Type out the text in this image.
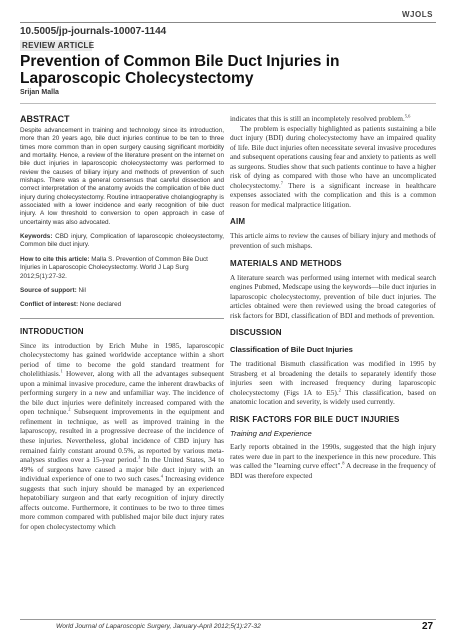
WJOLS
10.5005/jp-journals-10007-1144
REVIEW ARTICLE
Prevention of Common Bile Duct Injuries in Laparoscopic Cholecystectomy
Srijan Malla
ABSTRACT

Despite advancement in training and technology since its introduction, more than 20 years ago, bile duct injuries continue to be ten to three times more common than in open surgery causing significant morbidity and mortality. Hence, a review of the literature present on the internet on bile duct injuries in laparoscopic cholecystectomy was performed to review the causes of biliary injury and methods of prevention of such mishaps. There was a general consensus that careful dissection and correct interpretation of the anatomy avoids the complication of bile duct injury during cholecystectomy. Routine intraoperative cholangiography is associated with a lower incidence and early recognition of bile duct injury. A low threshold to conversion to open approach in case of uncertainty was also advocated.

Keywords: CBD injury, Complication of laparoscopic cholecystectomy, Common bile duct injury.

How to cite this article: Malla S. Prevention of Common Bile Duct Injuries in Laparoscopic Cholecystectomy. World J Lap Surg 2012;5(1):27-32.

Source of support: Nil

Conflict of interest: None declared

INTRODUCTION

Since its introduction by Erich Muhe in 1985, laparoscopic cholecystectomy has gained worldwide acceptance within a short period of time to become the gold standard treatment for cholelithiasis.$^1$ However, along with all the advantages subsequent upon a minimal invasive procedure, came the inherent drawbacks of performing surgery in a new and unfamiliar way. The incidence of the bile duct injuries were definitely increased compared with the open technique.$^2$ Subsequent improvements in the equipment and refinement in technique, as well as improved training in the laparoscopy, resulted in a progressive decrease of the incidence of these injuries. Nevertheless, global incidence of CBD injury has remained fairly constant around 0.5%, as reported by various meta-analyses studies over a 15-year period.$^3$ In the United States, 34 to 49% of surgeons have caused a major bile duct injury with an individual experience of one to two such cases.$^4$ Increasing evidence suggests that such injury should be managed by an experienced hepatobiliary surgeon and that early recognition of injury directly affects outcome. Furthermore, it continues to be two to three times more common compared with published major bile duct injury rates for open cholecystectomy which

indicates that this is still an incompletely resolved problem.$^{5,6}$

The problem is especially highlighted as patients sustaining a bile duct injury (BDI) during cholecystectomy have an impaired quality of life. Bile duct injuries often necessitate several invasive procedures and subsequent operations causing fear and anxiety to patients as well as surgeons. Studies show that such patients continue to have a higher risk of dying as compared with those who have an uncomplicated cholecystectomy.$^7$ There is a significant increase in healthcare expenses associated with the complication and this is a common reason for medical malpractice litigation.

AIM

This article aims to review the causes of biliary injury and methods of prevention of such mishaps.

MATERIALS AND METHODS

A literature search was performed using internet with medical search engines Pubmed, Medscape using the keywords—bile duct injuries in laparoscopic cholecystectomy, prevention of bile duct injuries. The articles obtained were then reviewed using the broad categories of risk factors for BDI, classification of BDI and methods of prevention.

DISCUSSION
Classification of Bile Duct Injuries

The traditional Bismuth classification was modified in 1995 by Strasberg et al broadening the details to separately identify those injuries seen with increased frequency during laparoscopic cholecystectomy (Figs 1A to E5).$^2$ This classification, based on anatomic location and severity, is widely used currently.

RISK FACTORS FOR BILE DUCT INJURIES
Training and Experience

Early reports obtained in the 1990s, suggested that the high injury rates were due in part to the inexperience in this new procedure. This was called the "learning curve effect".$^8$ A decrease in the frequency of BDI was therefore expected

World Journal of Laparoscopic Surgery, January-April 2012;5(1):27-32	27
